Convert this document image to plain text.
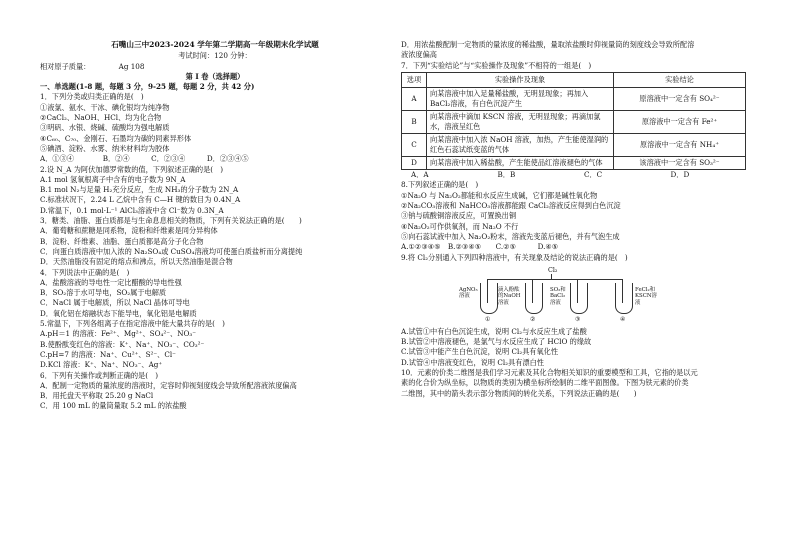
石嘴山三中2023-2024 学年第二学期高一年级期末化学试题
考试时间：120 分钟：
相对原子质量：	Ag 108
第 I 卷（选择题）
一、单选题(1-8 题，每题 3 分，9-25 题，每题 2 分，共 42 分)
1．下列分类或归类正确的是(　)
①液氯、氨水、干冰、碘化银均为纯净物
②CaCl₂、NaOH、HCl、均为化合物
③明矾、水银、烧碱、硫酸均为强电解质
④C₆₀、C₇₀、金刚石、石墨均为碳的同素异形体
⑤碘酒、淀粉、水雾、纳米材料均为胶体
A．①③④　　　　B．②④　　　C．②③④　　　D．②③④⑤
2.设 N_A 为阿伏加德罗常数的值，下列叙述正确的是(　)
A.1 mol 氢氧根离子中含有的电子数为 9N_A
B.1 mol N₂与足量 H₂充分反应，生成 NH₃的分子数为 2N_A
C.标准状况下，2.24 L 乙烷中含有 C—H 键的数目为 0.4N_A
D.常温下，0.1 mol·L⁻¹ AlCl₃溶液中含 Cl⁻数为 0.3N_A
3．糖类、油脂、蛋白质都是与生命息息相关的物质，下列有关说法正确的是(　　)
A．葡萄糖和蔗糖是同系物，淀粉和纤维素是同分异构体
B．淀粉、纤维素、油脂、蛋白质都是高分子化合物
C．向蛋白质溶液中加入浓的 Na₂SO₄或 CuSO₄溶液均可使蛋白质盐析而分离提纯
D．天然油脂没有固定的熔点和沸点，所以天然油脂是混合物
4．下列说法中正确的是(　)
A．盐酸溶液的导电性一定比醋酸的导电性强
B．SO₂溶于水可导电，SO₂属于电解质
C．NaCl 属于电解质，所以 NaCl 晶体可导电
D．氧化铝在熔融状态下能导电，氧化铝是电解质
5.常温下，下列各组离子在指定溶液中能大量共存的是(　)
A.pH＝1 的溶液：Fe²⁺、Mg²⁺、SO₄²⁻、NO₃⁻
B.使酚酞变红色的溶液：K⁺、Na⁺、NO₃⁻、CO₃²⁻
C.pH=7 的溶液：Na⁺、Cu²⁺、S²⁻、Cl⁻
D.KCl 溶液：K⁺、Na⁺、NO₃⁻、Ag⁺
6．下列有关操作或判断正确的是(　)
A．配制一定物质的量浓度的溶液时，定容时仰视刻度线会导致所配溶液浓度偏高
B．用托盘天平称取 25.20 g NaCl
C．用 100 mL 的量筒量取 5.2 mL 的浓盐酸
D．用浓盐酸配制一定物质的量浓度的稀盐酸，量取浓盐酸时仰视量筒的刻度线会导致所配溶
液浓度偏高
7．下列“实验结论”与“实验操作及现象”不相符的一组是(　)
选项	实验操作及现象	实验结论
A	向某溶液中加入足量稀盐酸，无明显现象；再加入 BaCl₂溶液，有白色沉淀产生	原溶液中一定含有 SO₄²⁻
B	向某溶液中滴加 KSCN 溶液，无明显现象；再滴加氯水，溶液呈红色	原溶液中一定含有 Fe²⁺
C	向某溶液中加入浓 NaOH 溶液，加热，产生能使湿润的红色石蕊试纸变蓝的气体	原溶液中一定含有 NH₄⁺
D	向某溶液中加入稀盐酸，产生能使品红溶液褪色的气体	该溶液中一定含有 SO₃²⁻
A．A	B．B	C．C	D．D
8.下列叙述正确的是(　)
①Na₂O 与 Na₂O₂都能和水反应生成碱，它们都是碱性氧化物
②Na₂CO₃溶液和 NaHCO₃溶液都能跟 CaCl₂溶液反应得到白色沉淀
③钠与硫酸铜溶液反应，可置换出铜
④Na₂O₂可作供氧剂，而 Na₂O 不行
⑤向石蕊试液中加入 Na₂O₂粉末，溶液先变蓝后褪色，并有气泡生成
A.①②③④⑤　B.②③④⑤　　C.②⑤　　　D.④⑤
9.将 Cl₂分别通入下列四种溶液中，有关现象及结论的说法正确的是(　)
Cl₂
AgNO₃溶液
滴入酚酞的NaOH溶液
SO₂和BaCl₂溶液
FeCl₂和KSCN溶液
①	②	③	④
A.试管①中有白色沉淀生成，说明 Cl₂与水反应生成了盐酸
B.试管②中溶液褪色，是氯气与水反应生成了 HClO 的缘故
C.试管③中能产生白色沉淀，说明 Cl₂具有氧化性
D.试管④中溶液变红色，说明 Cl₂具有漂白性
10．元素的价类二维图是我们学习元素及其化合物相关知识的重要模型和工具，它指的是以元
素的化合价为纵坐标，以物质的类别为横坐标所绘制的二维平面图像。下图为铁元素的价类
二维图，其中的箭头表示部分物质间的转化关系，下列说法正确的是(　　)
